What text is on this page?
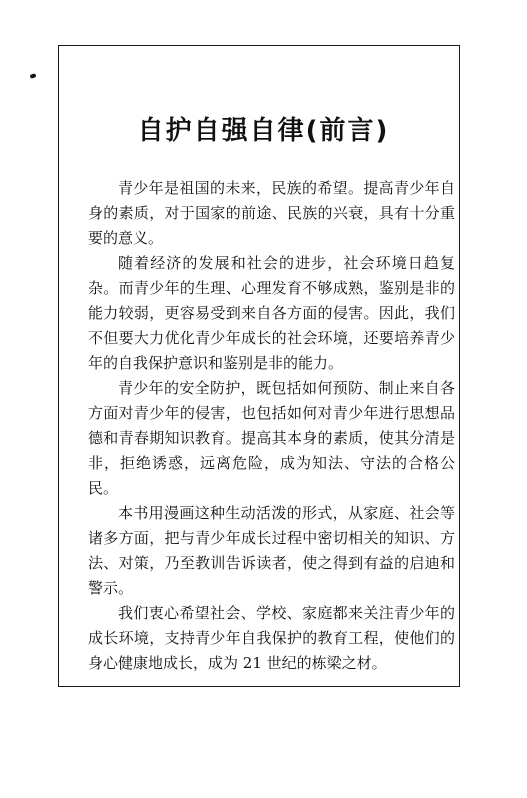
自护自强自律(前言)

青少年是祖国的未来，民族的希望。提高青少年自身的素质，对于国家的前途、民族的兴衰，具有十分重要的意义。

随着经济的发展和社会的进步，社会环境日趋复杂。而青少年的生理、心理发育不够成熟，鉴别是非的能力较弱，更容易受到来自各方面的侵害。因此，我们不但要大力优化青少年成长的社会环境，还要培养青少年的自我保护意识和鉴别是非的能力。

青少年的安全防护，既包括如何预防、制止来自各方面对青少年的侵害，也包括如何对青少年进行思想品德和青春期知识教育。提高其本身的素质，使其分清是非，拒绝诱惑，远离危险，成为知法、守法的合格公民。

本书用漫画这种生动活泼的形式，从家庭、社会等诸多方面，把与青少年成长过程中密切相关的知识、方法、对策，乃至教训告诉读者，使之得到有益的启迪和警示。

我们衷心希望社会、学校、家庭都来关注青少年的成长环境，支持青少年自我保护的教育工程，使他们的身心健康地成长，成为 21 世纪的栋梁之材。
